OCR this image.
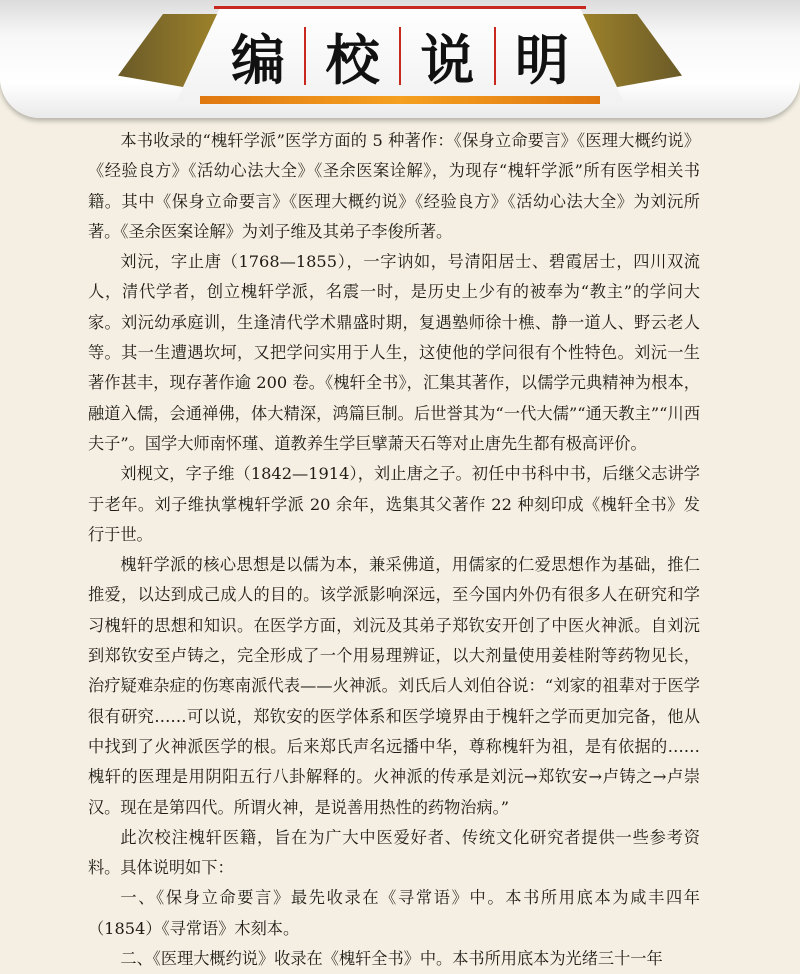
编 校 说 明

本书收录的“槐轩学派”医学方面的 5 种著作：《保身立命要言》《医理大概约说》《经验良方》《活幼心法大全》《圣余医案诠解》，为现存“槐轩学派”所有医学相关书籍。其中《保身立命要言》《医理大概约说》《经验良方》《活幼心法大全》为刘沅所著。《圣余医案诠解》为刘子维及其弟子李俊所著。

刘沅，字止唐（1768—1855），一字讷如，号清阳居士、碧霞居士，四川双流人，清代学者，创立槐轩学派，名震一时，是历史上少有的被奉为“教主”的学问大家。刘沅幼承庭训，生逢清代学术鼎盛时期，复遇塾师徐十樵、静一道人、野云老人等。其一生遭遇坎坷，又把学问实用于人生，这使他的学问很有个性特色。刘沅一生著作甚丰，现存著作逾 200 卷。《槐轩全书》，汇集其著作，以儒学元典精神为根本，融道入儒，会通禅佛，体大精深，鸿篇巨制。后世誉其为“一代大儒”“通天教主”“川西夫子”。国学大师南怀瑾、道教养生学巨擘萧天石等对止唐先生都有极高评价。

刘枧文，字子维（1842—1914），刘止唐之子。初任中书科中书，后继父志讲学于老年。刘子维执掌槐轩学派 20 余年，选集其父著作 22 种刻印成《槐轩全书》发行于世。

槐轩学派的核心思想是以儒为本，兼采佛道，用儒家的仁爱思想作为基础，推仁推爱，以达到成己成人的目的。该学派影响深远，至今国内外仍有很多人在研究和学习槐轩的思想和知识。在医学方面，刘沅及其弟子郑钦安开创了中医火神派。自刘沅到郑钦安至卢铸之，完全形成了一个用易理辨证，以大剂量使用姜桂附等药物见长，治疗疑难杂症的伤寒南派代表——火神派。刘氏后人刘伯谷说：“刘家的祖辈对于医学很有研究……可以说，郑钦安的医学体系和医学境界由于槐轩之学而更加完备，他从中找到了火神派医学的根。后来郑氏声名远播中华，尊称槐轩为祖，是有依据的……槐轩的医理是用阴阳五行八卦解释的。火神派的传承是刘沅→郑钦安→卢铸之→卢崇汉。现在是第四代。所谓火神，是说善用热性的药物治病。”

此次校注槐轩医籍，旨在为广大中医爱好者、传统文化研究者提供一些参考资料。具体说明如下：

一、《保身立命要言》最先收录在《寻常语》中。本书所用底本为咸丰四年（1854）《寻常语》木刻本。

二、《医理大概约说》收录在《槐轩全书》中。本书所用底本为光绪三十一年
